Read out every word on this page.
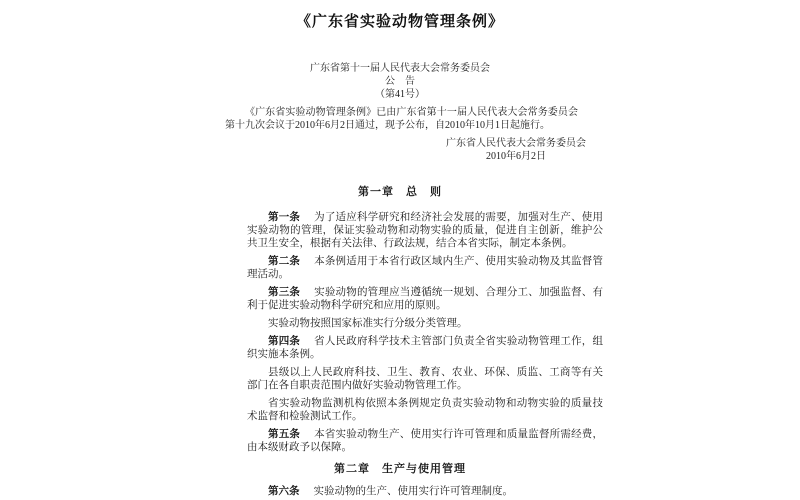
《广东省实验动物管理条例》
广东省第十一届人民代表大会常务委员会
公　告
（第41号）

《广东省实验动物管理条例》已由广东省第十一届人民代表大会常务委员会第十九次会议于2010年6月2日通过，现予公布，自2010年10月1日起施行。

广东省人民代表大会常务委员会
2010年6月2日
第一章　总　则

第一条 为了适应科学研究和经济社会发展的需要，加强对生产、使用实验动物的管理，保证实验动物和动物实验的质量，促进自主创新，维护公共卫生安全，根据有关法律、行政法规，结合本省实际，制定本条例。

第二条 本条例适用于本省行政区域内生产、使用实验动物及其监督管理活动。

第三条 实验动物的管理应当遵循统一规划、合理分工、加强监督、有利于促进实验动物科学研究和应用的原则。

实验动物按照国家标准实行分级分类管理。

第四条 省人民政府科学技术主管部门负责全省实验动物管理工作，组织实施本条例。

县级以上人民政府科技、卫生、教育、农业、环保、质监、工商等有关部门在各自职责范围内做好实验动物管理工作。

省实验动物监测机构依照本条例规定负责实验动物和动物实验的质量技术监督和检验测试工作。

第五条 本省实验动物生产、使用实行许可管理和质量监督所需经费，由本级财政予以保障。

第二章　生产与使用管理

第六条 实验动物的生产、使用实行许可管理制度。
